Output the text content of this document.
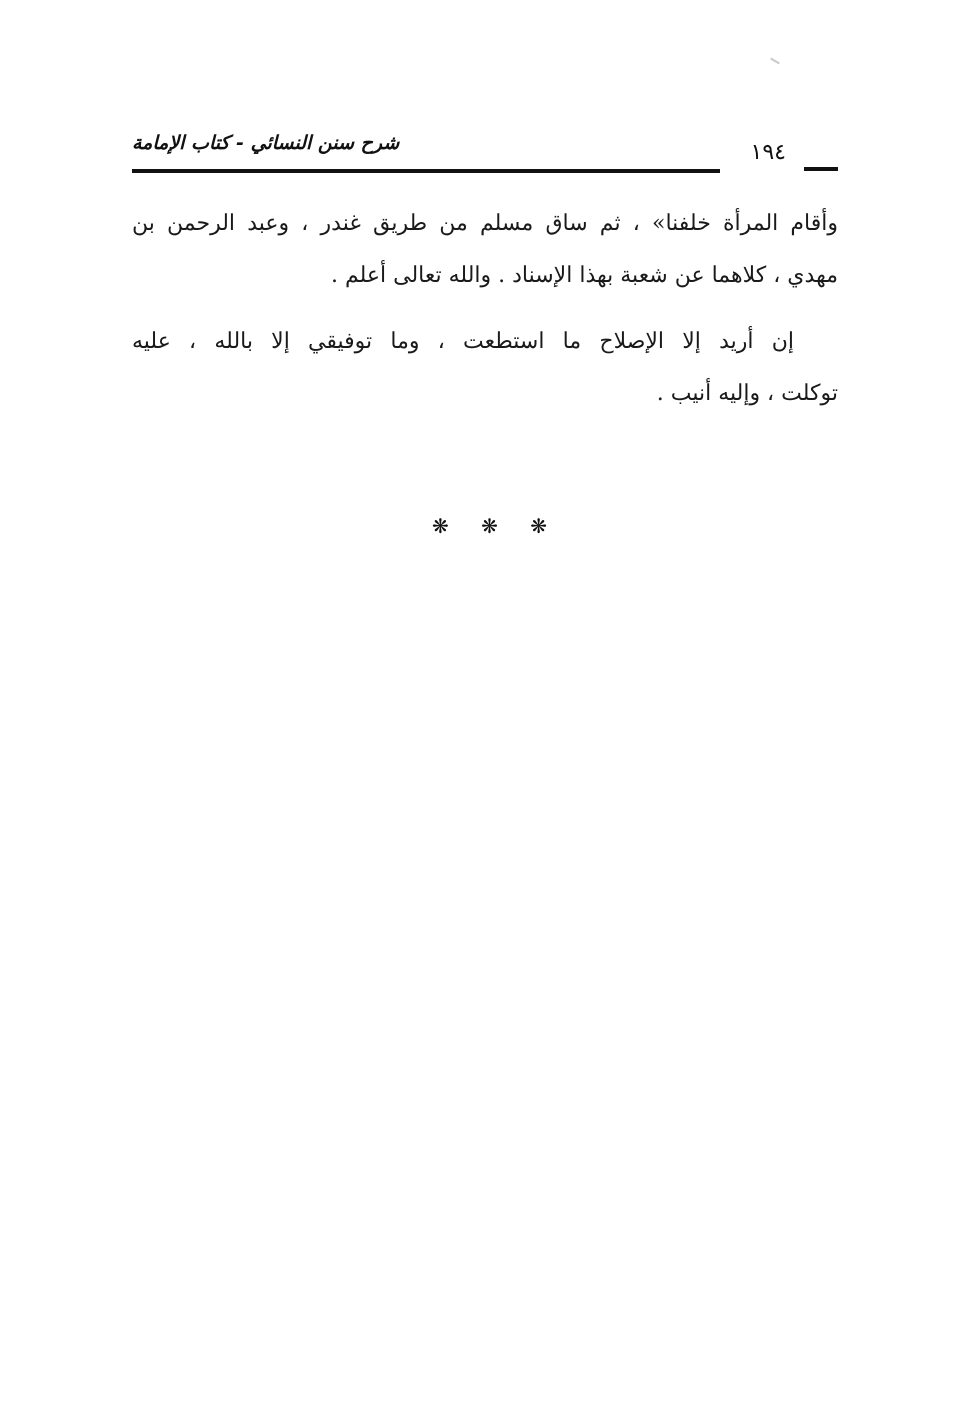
شرح سنن النسائي - كتاب الإمامة	١٩٤
وأقام المرأة خلفنا» ، ثم ساق مسلم من طريق غندر ، وعبد الرحمن بن
مهدي ، كلاهما عن شعبة بهذا الإسناد . والله تعالى أعلم .
إن أريد إلا الإصلاح ما استطعت ، وما توفيقي إلا بالله ، عليه
توكلت ، وإليه أنيب .
❋ ❋ ❋
